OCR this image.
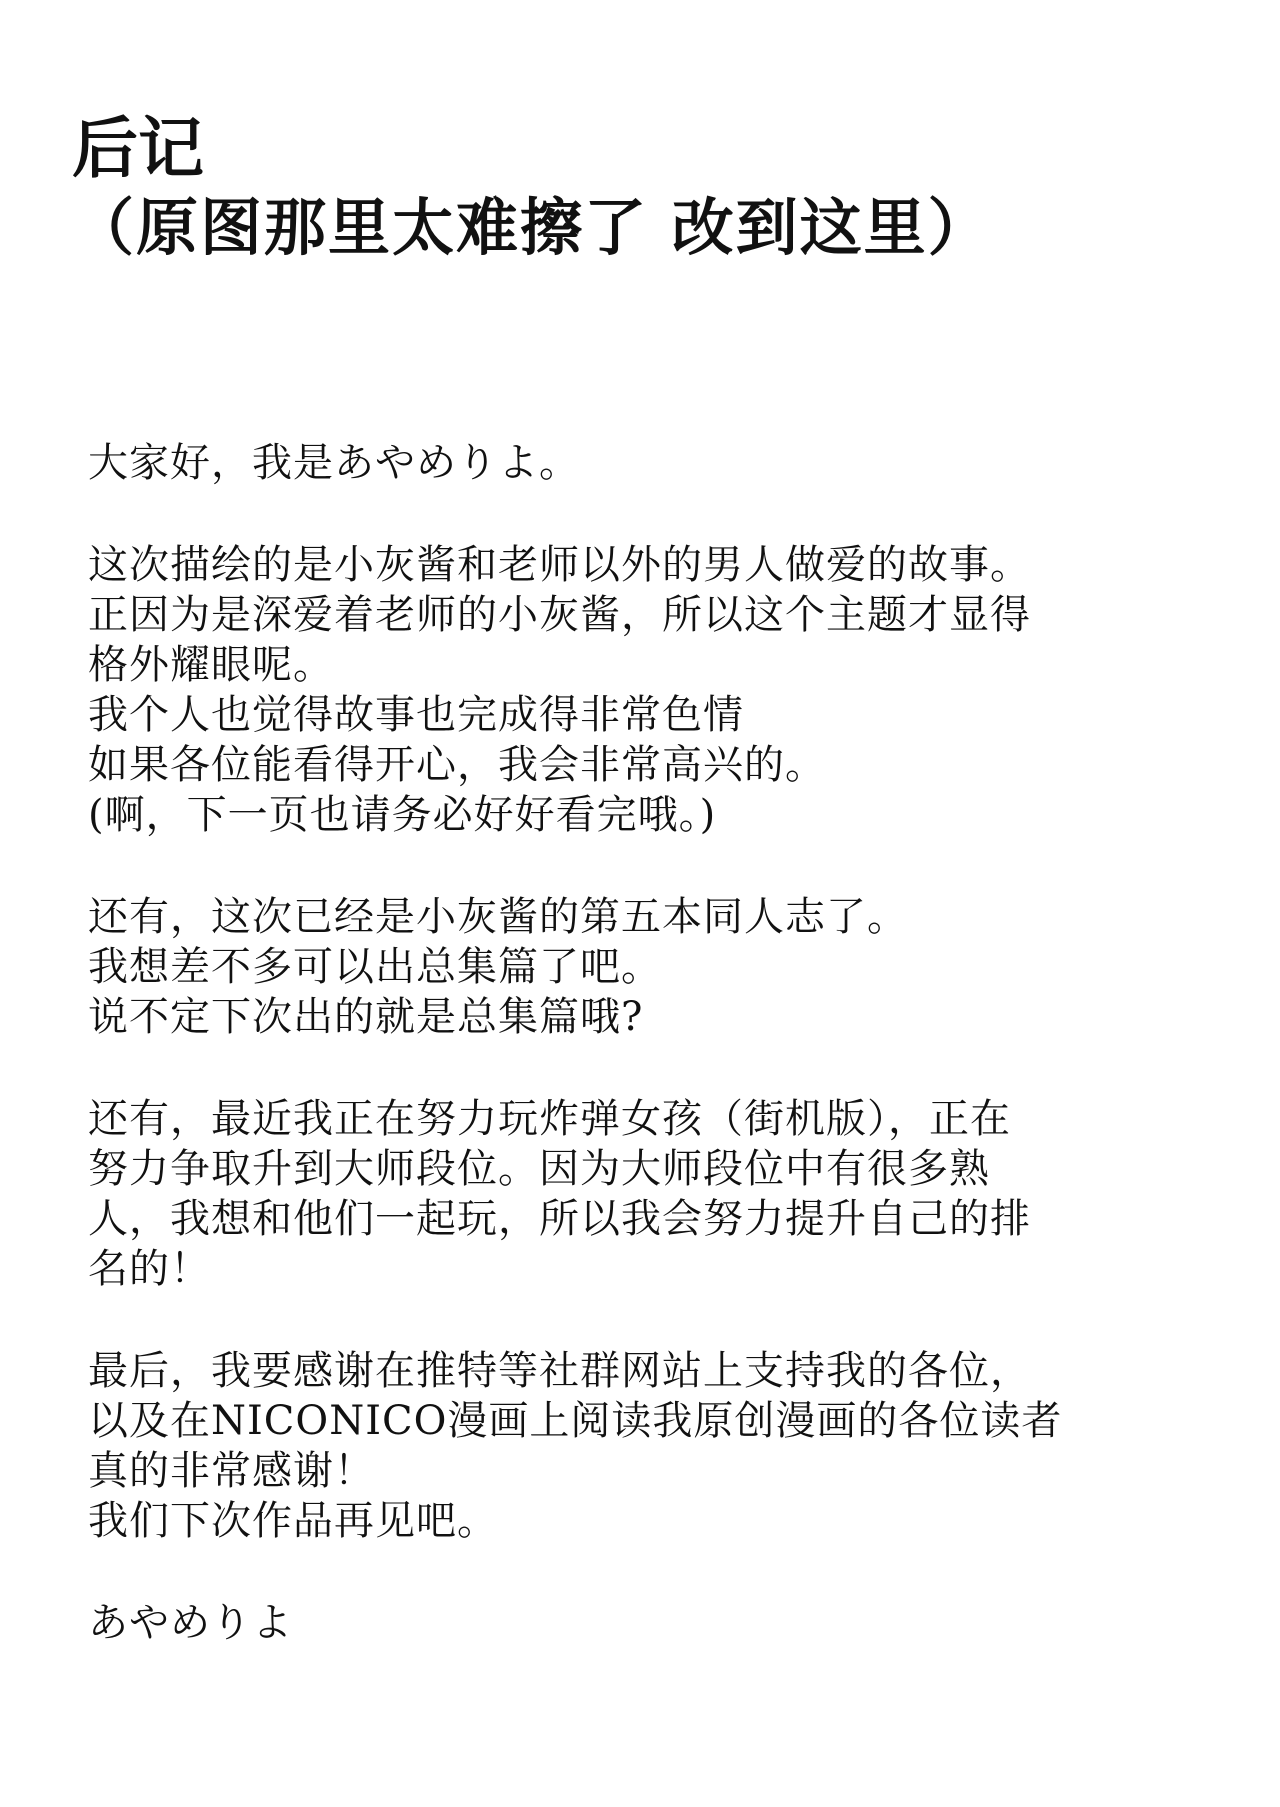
后记
（原图那里太难擦了 改到这里）
大家好，我是あやめりよ。
这次描绘的是小灰酱和老师以外的男人做爱的故事。
正因为是深爱着老师的小灰酱，所以这个主题才显得
格外耀眼呢。
我个人也觉得故事也完成得非常色情
如果各位能看得开心，我会非常高兴的。
(啊，下一页也请务必好好看完哦。)
还有，这次已经是小灰酱的第五本同人志了。
我想差不多可以出总集篇了吧。
说不定下次出的就是总集篇哦?
还有，最近我正在努力玩炸弹女孩（街机版），正在
努力争取升到大师段位。因为大师段位中有很多熟
人，我想和他们一起玩，所以我会努力提升自己的排
名的！
最后，我要感谢在推特等社群网站上支持我的各位，
以及在NICONICO漫画上阅读我原创漫画的各位读者
真的非常感谢！
我们下次作品再见吧。
あやめりよ
